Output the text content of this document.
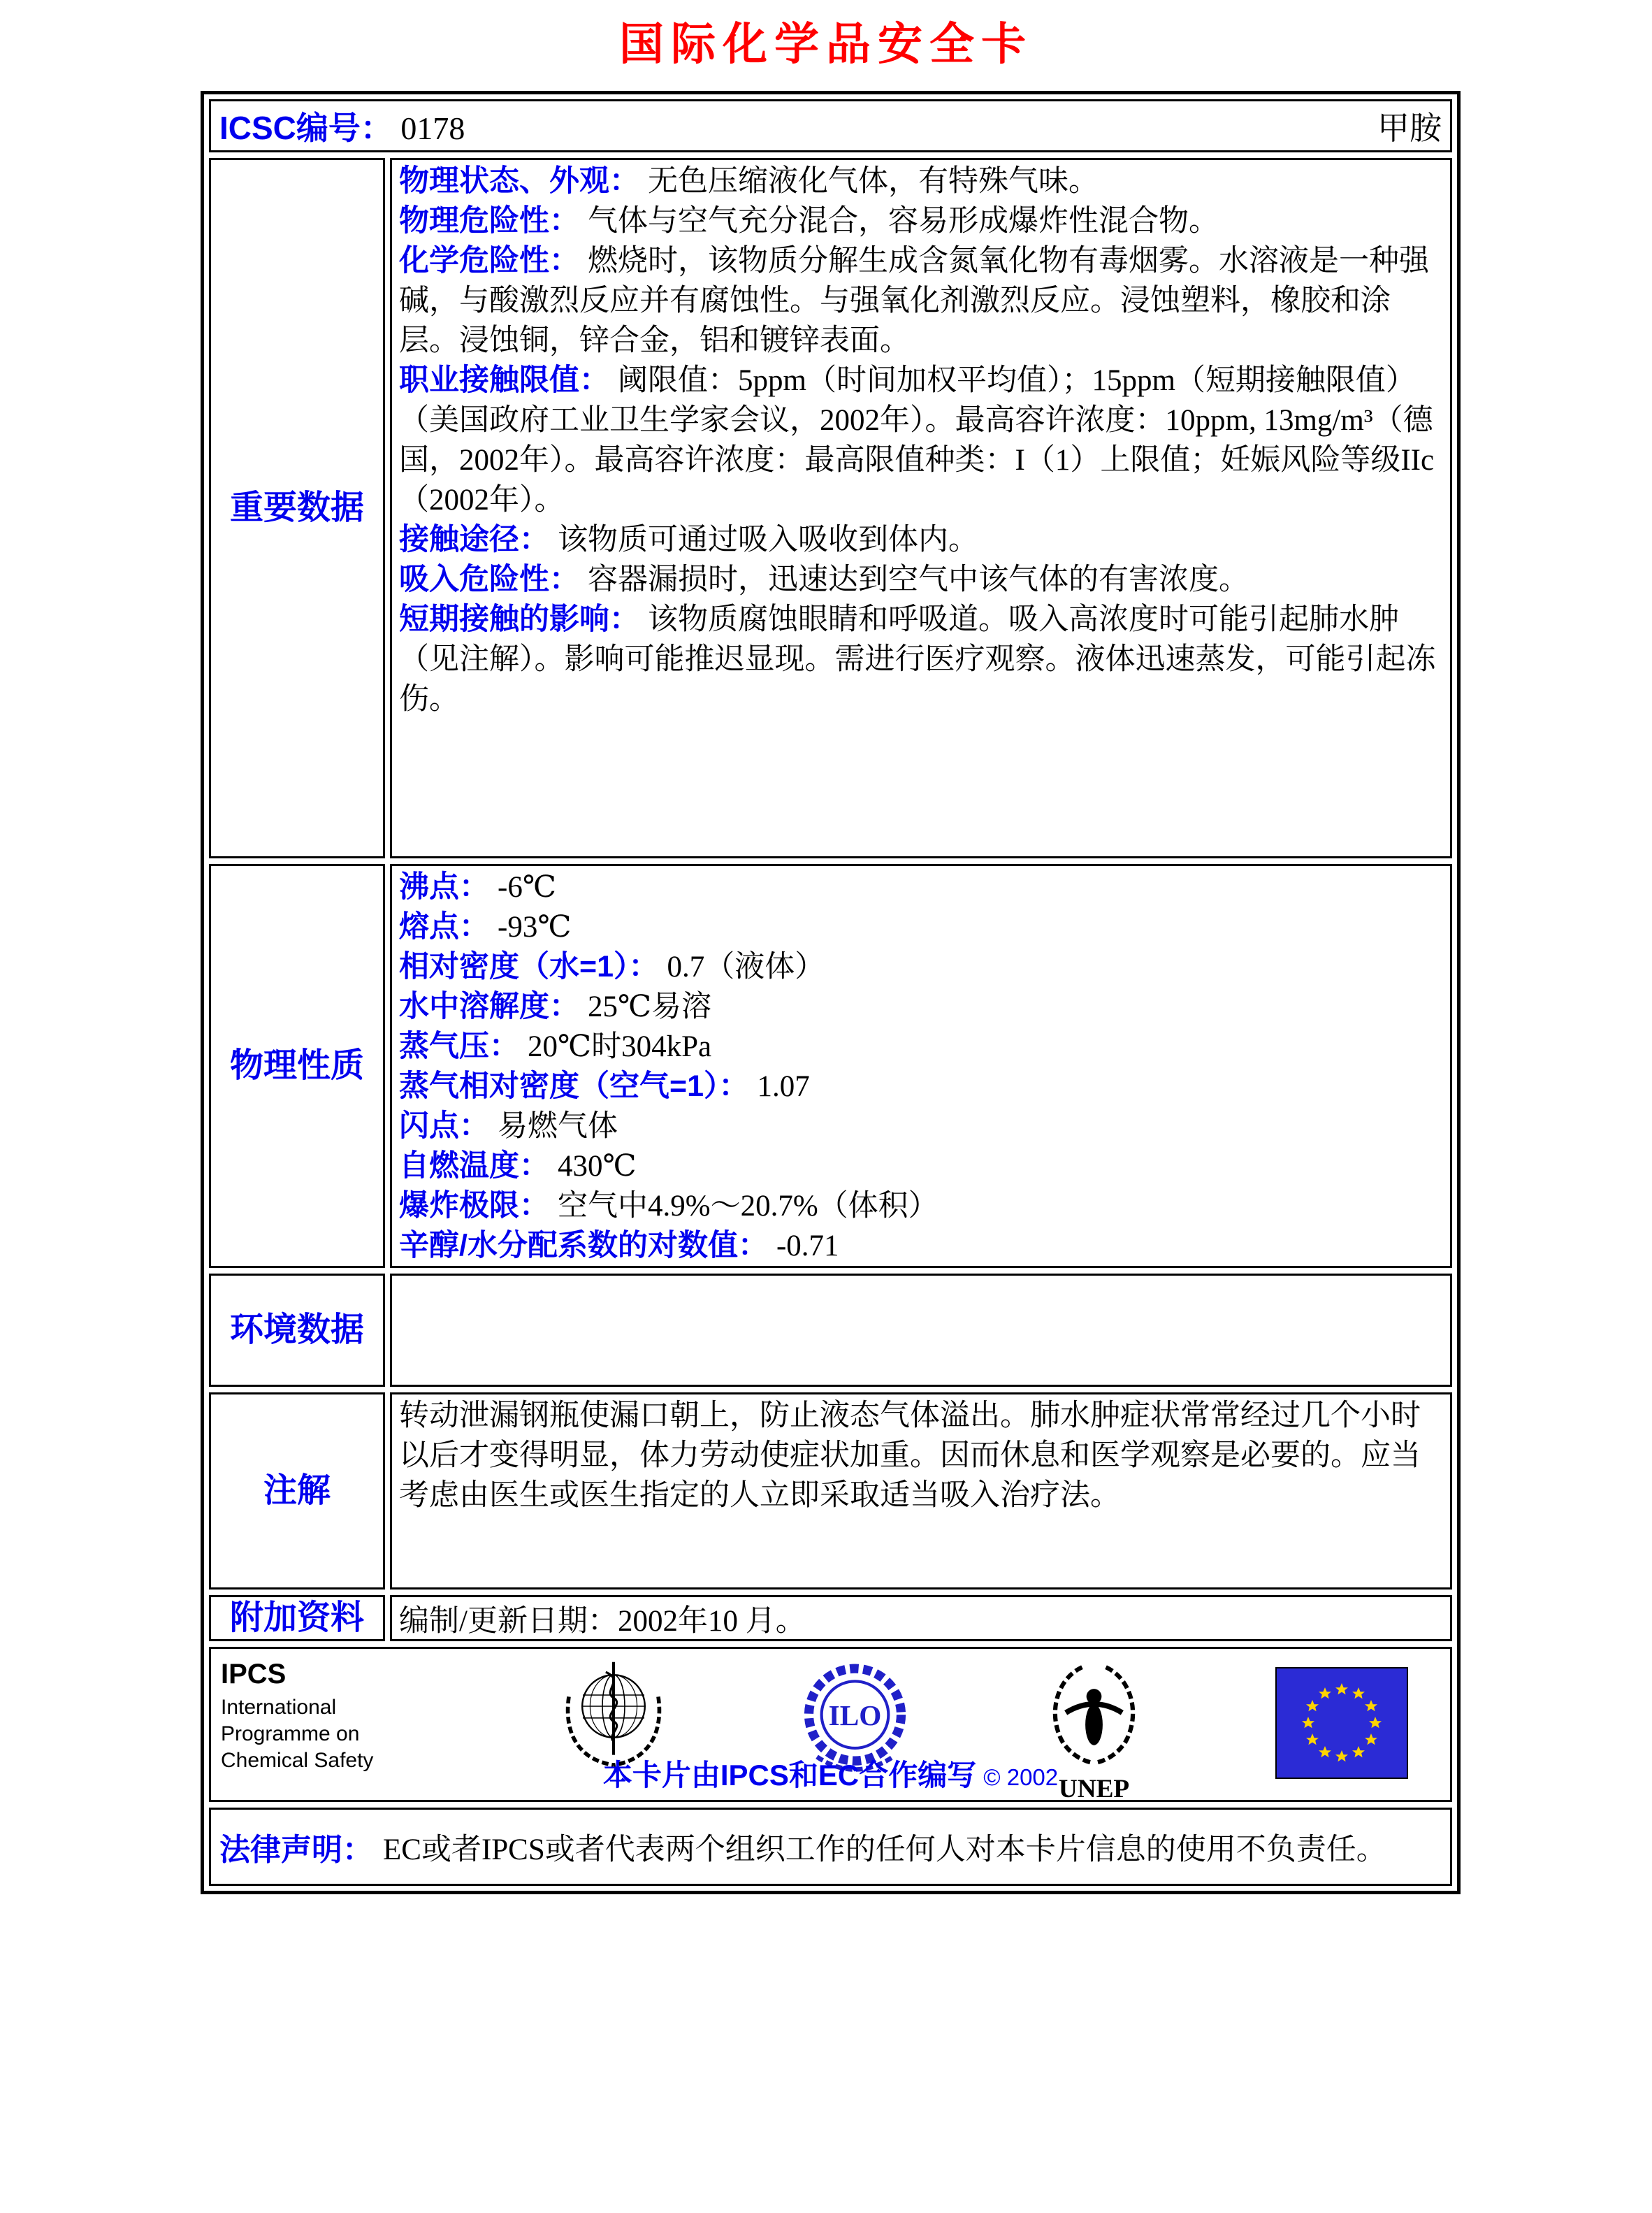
国际化学品安全卡
ICSC编号： 0178	甲胺
重要数据

物理状态、外观： 无色压缩液化气体，有特殊气味。

物理危险性： 气体与空气充分混合，容易形成爆炸性混合物。

化学危险性： 燃烧时，该物质分解生成含氮氧化物有毒烟雾。水溶液是一种强碱，与酸激烈反应并有腐蚀性。与强氧化剂激烈反应。浸蚀塑料，橡胶和涂层。浸蚀铜，锌合金，铝和镀锌表面。

职业接触限值： 阈限值：5ppm（时间加权平均值）；15ppm（短期接触限值）（美国政府工业卫生学家会议，2002年）。最高容许浓度：10ppm, 13mg/m³（德国，2002年）。最高容许浓度：最高限值种类：I（1）上限值；妊娠风险等级IIc（2002年）。

接触途径： 该物质可通过吸入吸收到体内。

吸入危险性： 容器漏损时，迅速达到空气中该气体的有害浓度。

短期接触的影响： 该物质腐蚀眼睛和呼吸道。吸入高浓度时可能引起肺水肿（见注解）。影响可能推迟显现。需进行医疗观察。液体迅速蒸发，可能引起冻伤。

物理性质

沸点： -6℃

熔点： -93℃

相对密度（水=1）： 0.7（液体）

水中溶解度： 25℃易溶

蒸气压： 20℃时304kPa

蒸气相对密度（空气=1）： 1.07

闪点： 易燃气体

自燃温度： 430℃

爆炸极限： 空气中4.9%～20.7%（体积）

辛醇/水分配系数的对数值： -0.71

环境数据

注解

转动泄漏钢瓶使漏口朝上，防止液态气体溢出。肺水肿症状常常经过几个小时以后才变得明显，体力劳动使症状加重。因而休息和医学观察是必要的。应当考虑由医生或医生指定的人立即采取适当吸入治疗法。

附加资料 编制/更新日期：2002年10 月。

IPCS

International

Programme on

Chemical Safety

ILO
UNEP
本卡片由IPCS和EC合作编写 © 2002
法律声明： EC或者IPCS或者代表两个组织工作的任何人对本卡片信息的使用不负责任。
